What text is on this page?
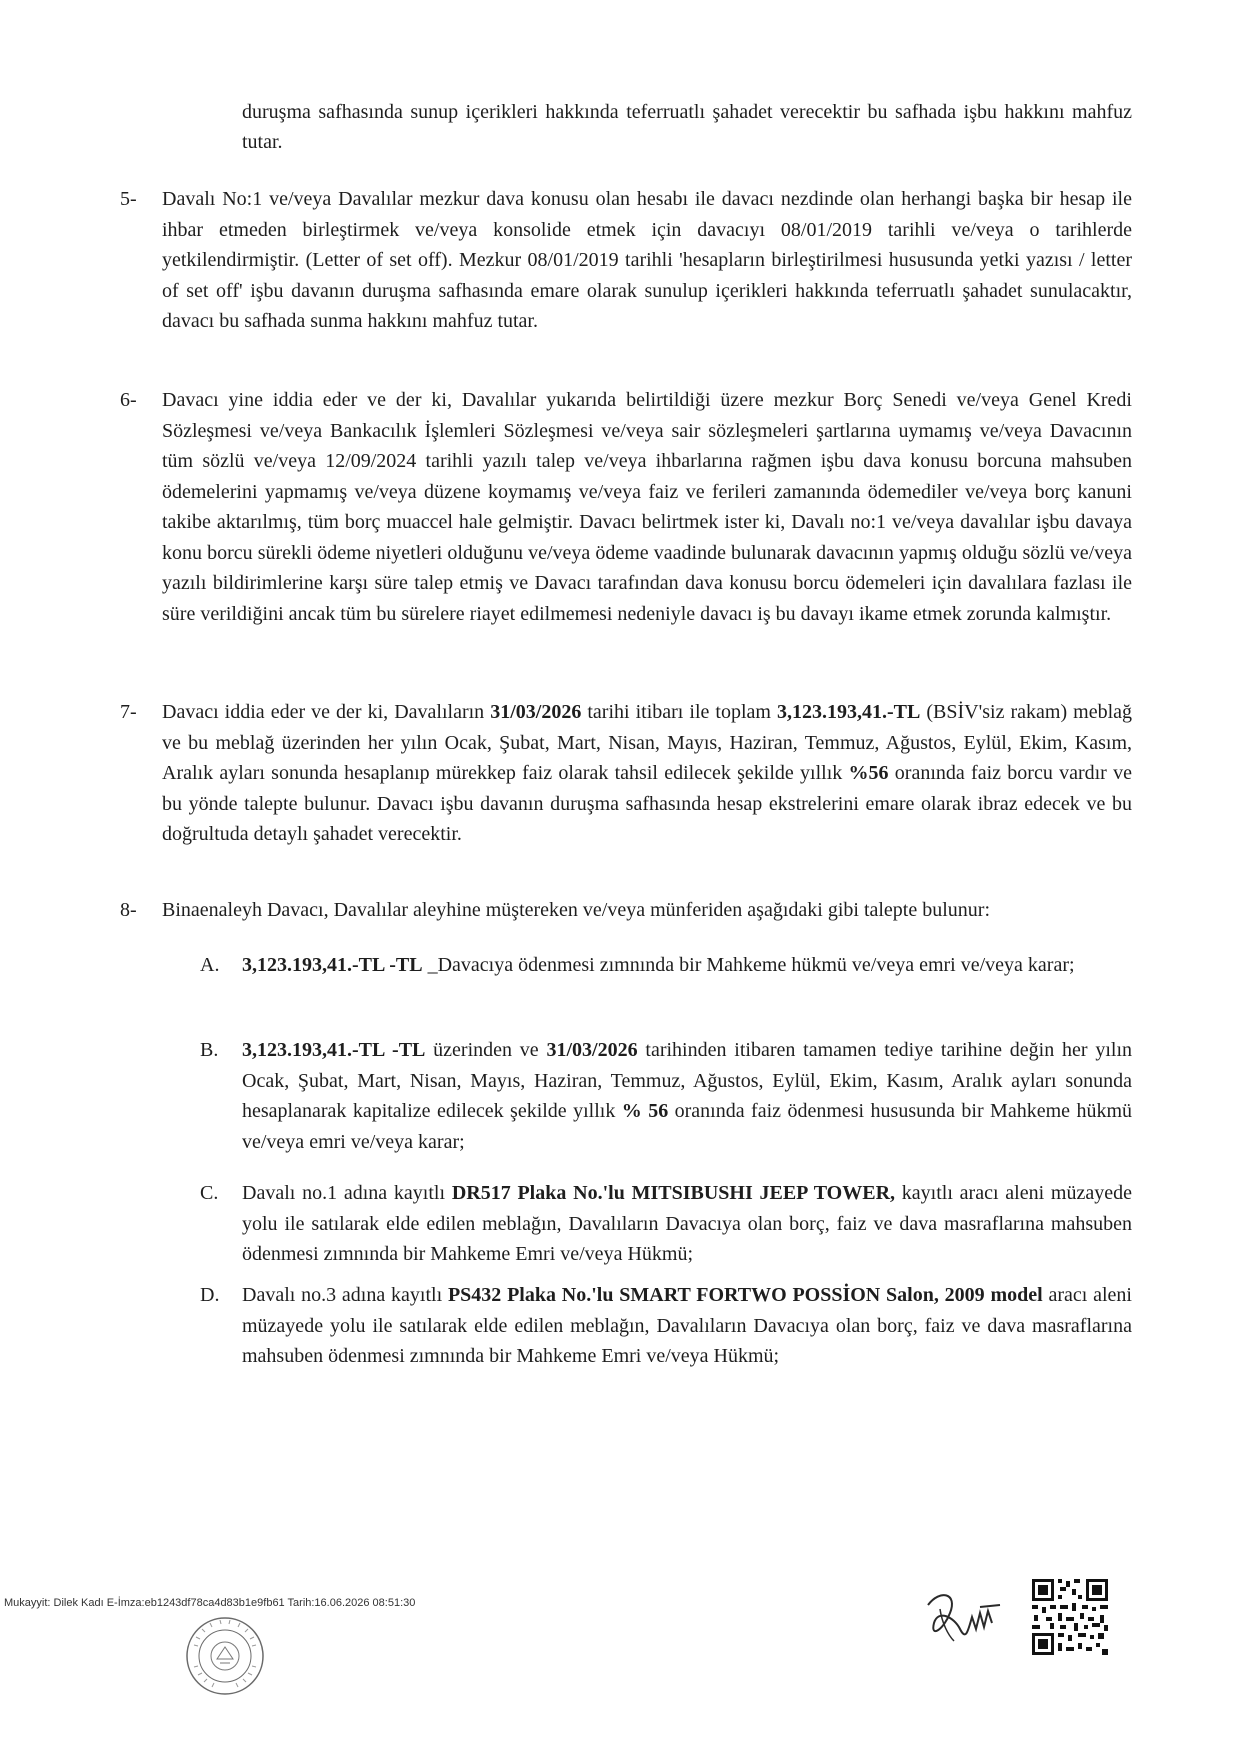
duruşma safhasında sunup içerikleri hakkında teferruatlı şahadet verecektir bu safhada işbu hakkını mahfuz tutar.
5-	Davalı No:1 ve/veya Davalılar mezkur dava konusu olan hesabı ile davacı nezdinde olan herhangi başka bir hesap ile ihbar etmeden birleştirmek ve/veya konsolide etmek için davacıyı 08/01/2019 tarihli ve/veya o tarihlerde yetkilendirmiştir. (Letter of set off). Mezkur 08/01/2019 tarihli 'hesapların birleştirilmesi hususunda yetki yazısı / letter of set off' işbu davanın duruşma safhasında emare olarak sunulup içerikleri hakkında teferruatlı şahadet sunulacaktır, davacı bu safhada sunma hakkını mahfuz tutar.
6-	Davacı yine iddia eder ve der ki, Davalılar yukarıda belirtildiği üzere mezkur Borç Senedi ve/veya Genel Kredi Sözleşmesi ve/veya Bankacılık İşlemleri Sözleşmesi ve/veya sair sözleşmeleri şartlarına uymamış ve/veya Davacının tüm sözlü ve/veya 12/09/2024 tarihli yazılı talep ve/veya ihbarlarına rağmen işbu dava konusu borcuna mahsuben ödemelerini yapmamış ve/veya düzene koymamış ve/veya faiz ve ferileri zamanında ödemediler ve/veya borç kanuni takibe aktarılmış, tüm borç muaccel hale gelmiştir. Davacı belirtmek ister ki, Davalı no:1 ve/veya davalılar işbu davaya konu borcu sürekli ödeme niyetleri olduğunu ve/veya ödeme vaadinde bulunarak davacının yapmış olduğu sözlü ve/veya yazılı bildirimlerine karşı süre talep etmiş ve Davacı tarafından dava konusu borcu ödemeleri için davalılara fazlası ile süre verildiğini ancak tüm bu sürelere riayet edilmemesi nedeniyle davacı iş bu davayı ikame etmek zorunda kalmıştır.
7-	Davacı iddia eder ve der ki, Davalıların 31/03/2026 tarihi itibarı ile toplam 3,123.193,41.-TL (BSİV'siz rakam) meblağ ve bu meblağ üzerinden her yılın Ocak, Şubat, Mart, Nisan, Mayıs, Haziran, Temmuz, Ağustos, Eylül, Ekim, Kasım, Aralık ayları sonunda hesaplanıp mürekkep faiz olarak tahsil edilecek şekilde yıllık %56 oranında faiz borcu vardır ve bu yönde talepte bulunur. Davacı işbu davanın duruşma safhasında hesap ekstrelerini emare olarak ibraz edecek ve bu doğrultuda detaylı şahadet verecektir.
8-	Binaenaleyh Davacı, Davalılar aleyhine müştereken ve/veya münferiden aşağıdaki gibi talepte bulunur:
A.	3,123.193,41.-TL -TL _Davacıya ödenmesi zımnında bir Mahkeme hükmü ve/veya emri ve/veya karar;
B.	3,123.193,41.-TL -TL üzerinden ve 31/03/2026 tarihinden itibaren tamamen tediye tarihine değin her yılın Ocak, Şubat, Mart, Nisan, Mayıs, Haziran, Temmuz, Ağustos, Eylül, Ekim, Kasım, Aralık ayları sonunda hesaplanarak kapitalize edilecek şekilde yıllık % 56 oranında faiz ödenmesi hususunda bir Mahkeme hükmü ve/veya emri ve/veya karar;
C.	Davalı no.1 adına kayıtlı DR517 Plaka No.'lu MITSIBUSHI JEEP TOWER, kayıtlı aracı aleni müzayede yolu ile satılarak elde edilen meblağın, Davalıların Davacıya olan borç, faiz ve dava masraflarına mahsuben ödenmesi zımnında bir Mahkeme Emri ve/veya Hükmü;
D.	Davalı no.3 adına kayıtlı PS432 Plaka No.'lu SMART FORTWO POSSİON Salon, 2009 model aracı aleni müzayede yolu ile satılarak elde edilen meblağın, Davalıların Davacıya olan borç, faiz ve dava masraflarına mahsuben ödenmesi zımnında bir Mahkeme Emri ve/veya Hükmü;
Mukayyit: Dilek Kadı E-İmza:eb1243df78ca4d83b1e9fb61 Tarih:16.06.2026 08:51:30
